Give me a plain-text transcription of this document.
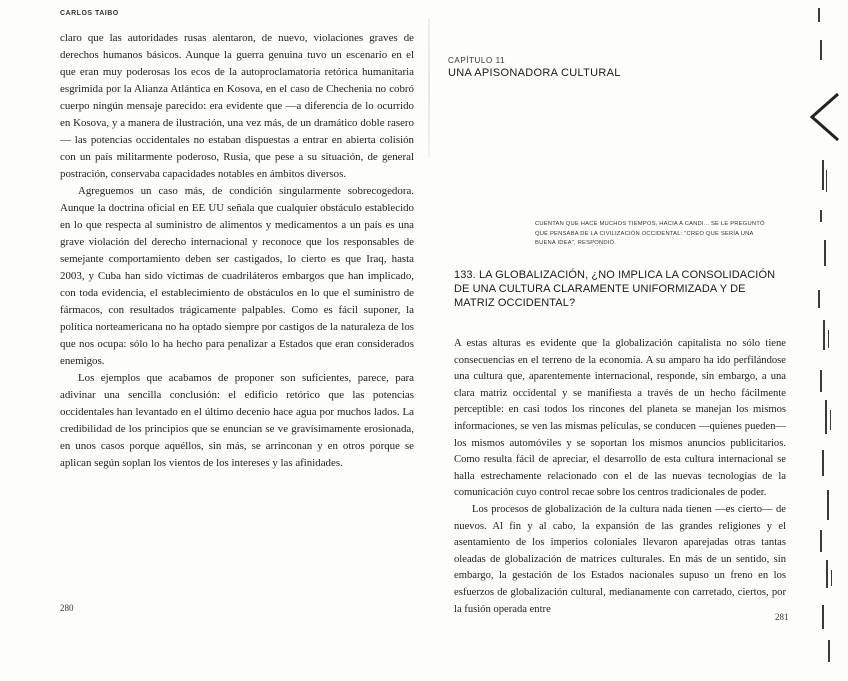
CARLOS TAIBO

claro que las autoridades rusas alentaron, de nuevo, violaciones graves de derechos humanos básicos. Aunque la guerra genuina tuvo un escenario en el que eran muy poderosas los ecos de la autoproclamatoria retórica humanitaria esgrimida por la Alianza Atlántica en Kosova, en el caso de Chechenia no cobró cuerpo ningún mensaje parecido: era evidente que —a diferencia de lo ocurrido en Kosova, y a manera de ilustración, una vez más, de un dramático doble rasero— las potencias occidentales no estaban dispuestas a entrar en abierta colisión con un país militarmente poderoso, Rusia, que pese a su situación, de general postración, conservaba capacidades notables en ámbitos diversos.

Agreguemos un caso más, de condición singularmente sobrecogedora. Aunque la doctrina oficial en EE UU señala que cualquier obstáculo establecido en lo que respecta al suministro de alimentos y medicamentos a un país es una grave violación del derecho internacional y reconoce que los responsables de semejante comportamiento deben ser castigados, lo cierto es que Iraq, hasta 2003, y Cuba han sido víctimas de cuadriláteros embargos que han implicado, con toda evidencia, el establecimiento de obstáculos en lo que el suministro de fármacos, con resultados trágicamente palpables. Como es fácil suponer, la política norteamericana no ha optado siempre por castigos de la naturaleza de los que nos ocupa: sólo lo ha hecho para penalizar a Estados que eran considerados enemigos.

Los ejemplos que acabamos de proponer son suficientes, parece, para adivinar una sencilla conclusión: el edificio retórico que las potencias occidentales han levantado en el último decenio hace agua por muchos lados. La credibilidad de los principios que se enuncian se ve gravísimamente erosionada, en unos casos porque aquéllos, sin más, se arrinconan y en otros porque se aplican según soplan los vientos de los intereses y las afinidades.

280
CAPÍTULO 11
UNA APISONADORA CULTURAL
CUENTAN QUE HACE MUCHOS TIEMPOS, HACIA A CANDI... SE LE PREGUNTÓ QUÉ PENSABA DE LA CIVILIZACIÓN OCCIDENTAL: "CREO QUE SERÍA UNA BUENA IDEA", RESPONDIÓ.
133. LA GLOBALIZACIÓN, ¿NO IMPLICA LA CONSOLIDACIÓN DE UNA CULTURA CLARAMENTE UNIFORMIZADA Y DE MATRIZ OCCIDENTAL?

A estas alturas es evidente que la globalización capitalista no sólo tiene consecuencias en el terreno de la economía. A su amparo ha ido perfilándose una cultura que, aparentemente internacional, responde, sin embargo, a una clara matriz occidental y se manifiesta a través de un hecho fácilmente perceptible: en casi todos los rincones del planeta se manejan los mismos informaciones, se ven las mismas películas, se conducen —quienes pueden— los mismos automóviles y se soportan los mismos anuncios publicitarios. Como resulta fácil de apreciar, el desarrollo de esta cultura internacional se halla estrechamente relacionado con el de las nuevas tecnologías de la comunicación cuyo control recae sobre los centros tradicionales de poder.

Los procesos de globalización de la cultura nada tienen —es cierto— de nuevos. Al fin y al cabo, la expansión de las grandes religiones y el asentamiento de los imperios coloniales llevaron aparejadas otras tantas oleadas de globalización de matrices culturales. En más de un sentido, sin embargo, la gestación de los Estados nacionales supuso un freno en los esfuerzos de globalización cultural, medianamente con carretado, ciertos, por la fusión operada entre

281
